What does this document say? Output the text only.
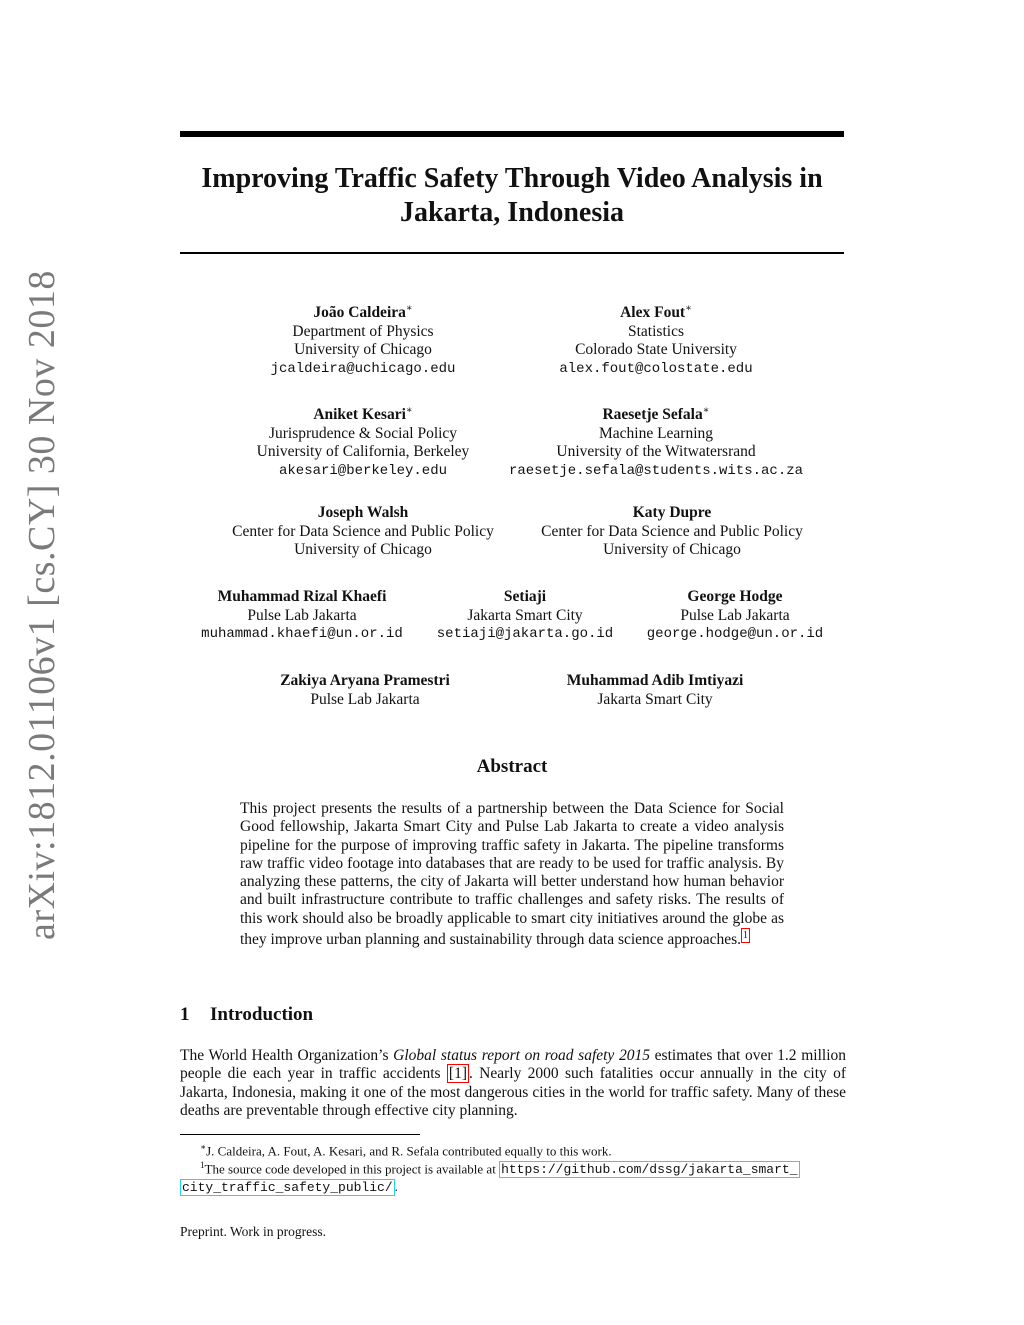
arXiv:1812.01106v1 [cs.CY] 30 Nov 2018
Improving Traffic Safety Through Video Analysis in
Jakarta, Indonesia
João Caldeira∗
Department of Physics
University of Chicago
jcaldeira@uchicago.edu
Alex Fout∗
Statistics
Colorado State University
alex.fout@colostate.edu
Aniket Kesari∗
Jurisprudence & Social Policy
University of California, Berkeley
akesari@berkeley.edu
Raesetje Sefala∗
Machine Learning
University of the Witwatersrand
raesetje.sefala@students.wits.ac.za
Joseph Walsh
Center for Data Science and Public Policy
University of Chicago
Katy Dupre
Center for Data Science and Public Policy
University of Chicago
Muhammad Rizal Khaefi
Pulse Lab Jakarta
muhammad.khaefi@un.or.id
Setiaji
Jakarta Smart City
setiaji@jakarta.go.id
George Hodge
Pulse Lab Jakarta
george.hodge@un.or.id
Zakiya Aryana Pramestri
Pulse Lab Jakarta
Muhammad Adib Imtiyazi
Jakarta Smart City
Abstract
This project presents the results of a partnership between the Data Science for Social Good fellowship, Jakarta Smart City and Pulse Lab Jakarta to create a video analysis pipeline for the purpose of improving traffic safety in Jakarta. The pipeline transforms raw traffic video footage into databases that are ready to be used for traffic analysis. By analyzing these patterns, the city of Jakarta will better understand how human behavior and built infrastructure contribute to traffic challenges and safety risks. The results of this work should also be broadly applicable to smart city initiatives around the globe as they improve urban planning and sustainability through data science approaches. 1
1 Introduction
The World Health Organization’s Global status report on road safety 2015 estimates that over 1.2 million people die each year in traffic accidents [1] . Nearly 2000 such fatalities occur annually in the city of Jakarta, Indonesia, making it one of the most dangerous cities in the world for traffic safety. Many of these deaths are preventable through effective city planning.
∗J. Caldeira, A. Fout, A. Kesari, and R. Sefala contributed equally to this work.
$^1$The source code developed in this project is available at https://github.com/dssg/jakarta_smart_
city_traffic_safety_public/ .
Preprint. Work in progress.
